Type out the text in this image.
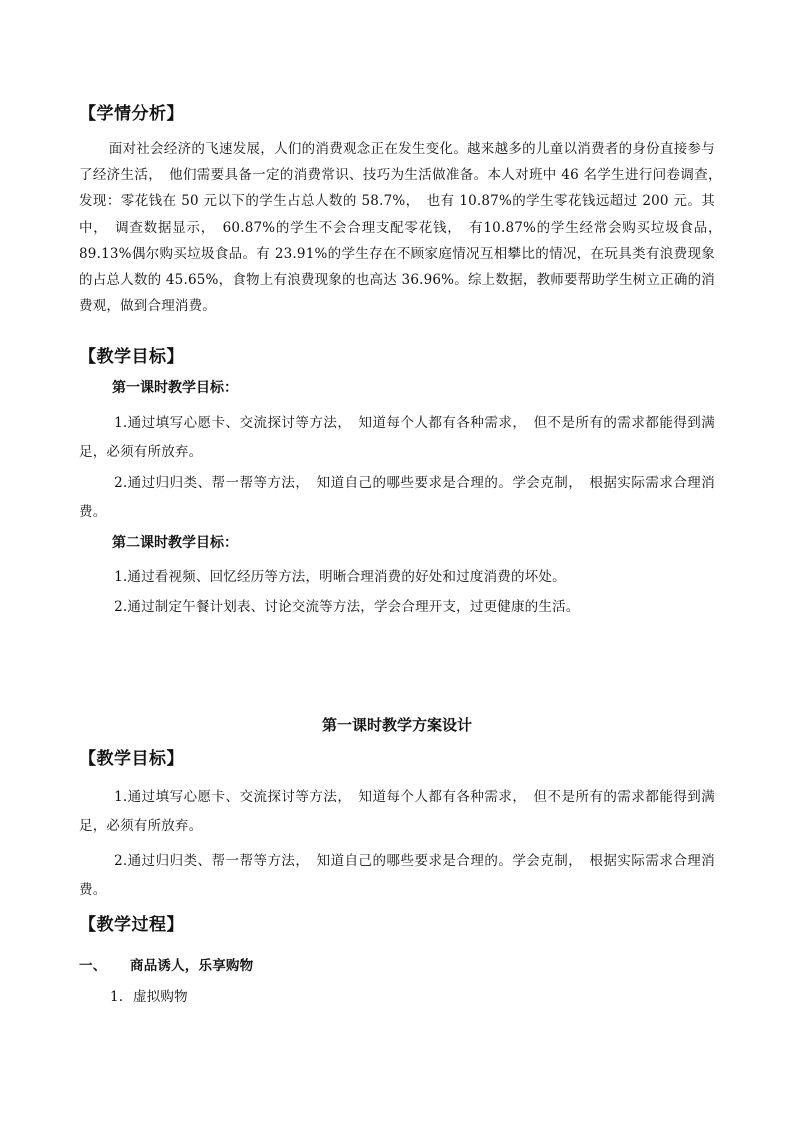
【学情分析】
面对社会经济的飞速发展，人们的消费观念正在发生变化。越来越多的儿童以消费者的身份直接参与了经济生活，　他们需要具备一定的消费常识、技巧为生活做准备。本人对班中 46 名学生进行问卷调查，　发现：零花钱在 50 元以下的学生占总人数的 58.7%，　也有 10.87%的学生零花钱远超过 200 元。其中，　调查数据显示，　60.87%的学生不会合理支配零花钱，　有10.87%的学生经常会购买垃圾食品，　89.13%偶尔购买垃圾食品。有 23.91%的学生存在不顾家庭情况互相攀比的情况，在玩具类有浪费现象的占总人数的 45.65%，食物上有浪费现象的也高达 36.96%。综上数据，教师要帮助学生树立正确的消费观，做到合理消费。
【教学目标】
第一课时教学目标：
1.通过填写心愿卡、交流探讨等方法，　知道每个人都有各种需求，　但不是所有的需求都能得到满足，必须有所放弃。
2.通过归归类、帮一帮等方法，　知道自己的哪些要求是合理的。学会克制，　根据实际需求合理消费。
第二课时教学目标：
1.通过看视频、回忆经历等方法，明晰合理消费的好处和过度消费的坏处。
2.通过制定午餐计划表、讨论交流等方法，学会合理开支，过更健康的生活。
第一课时教学方案设计
【教学目标】
1.通过填写心愿卡、交流探讨等方法，　知道每个人都有各种需求，　但不是所有的需求都能得到满足，必须有所放弃。
2.通过归归类、帮一帮等方法，　知道自己的哪些要求是合理的。学会克制，　根据实际需求合理消费。
【教学过程】
一、	商品诱人，乐享购物
1. 虚拟购物
